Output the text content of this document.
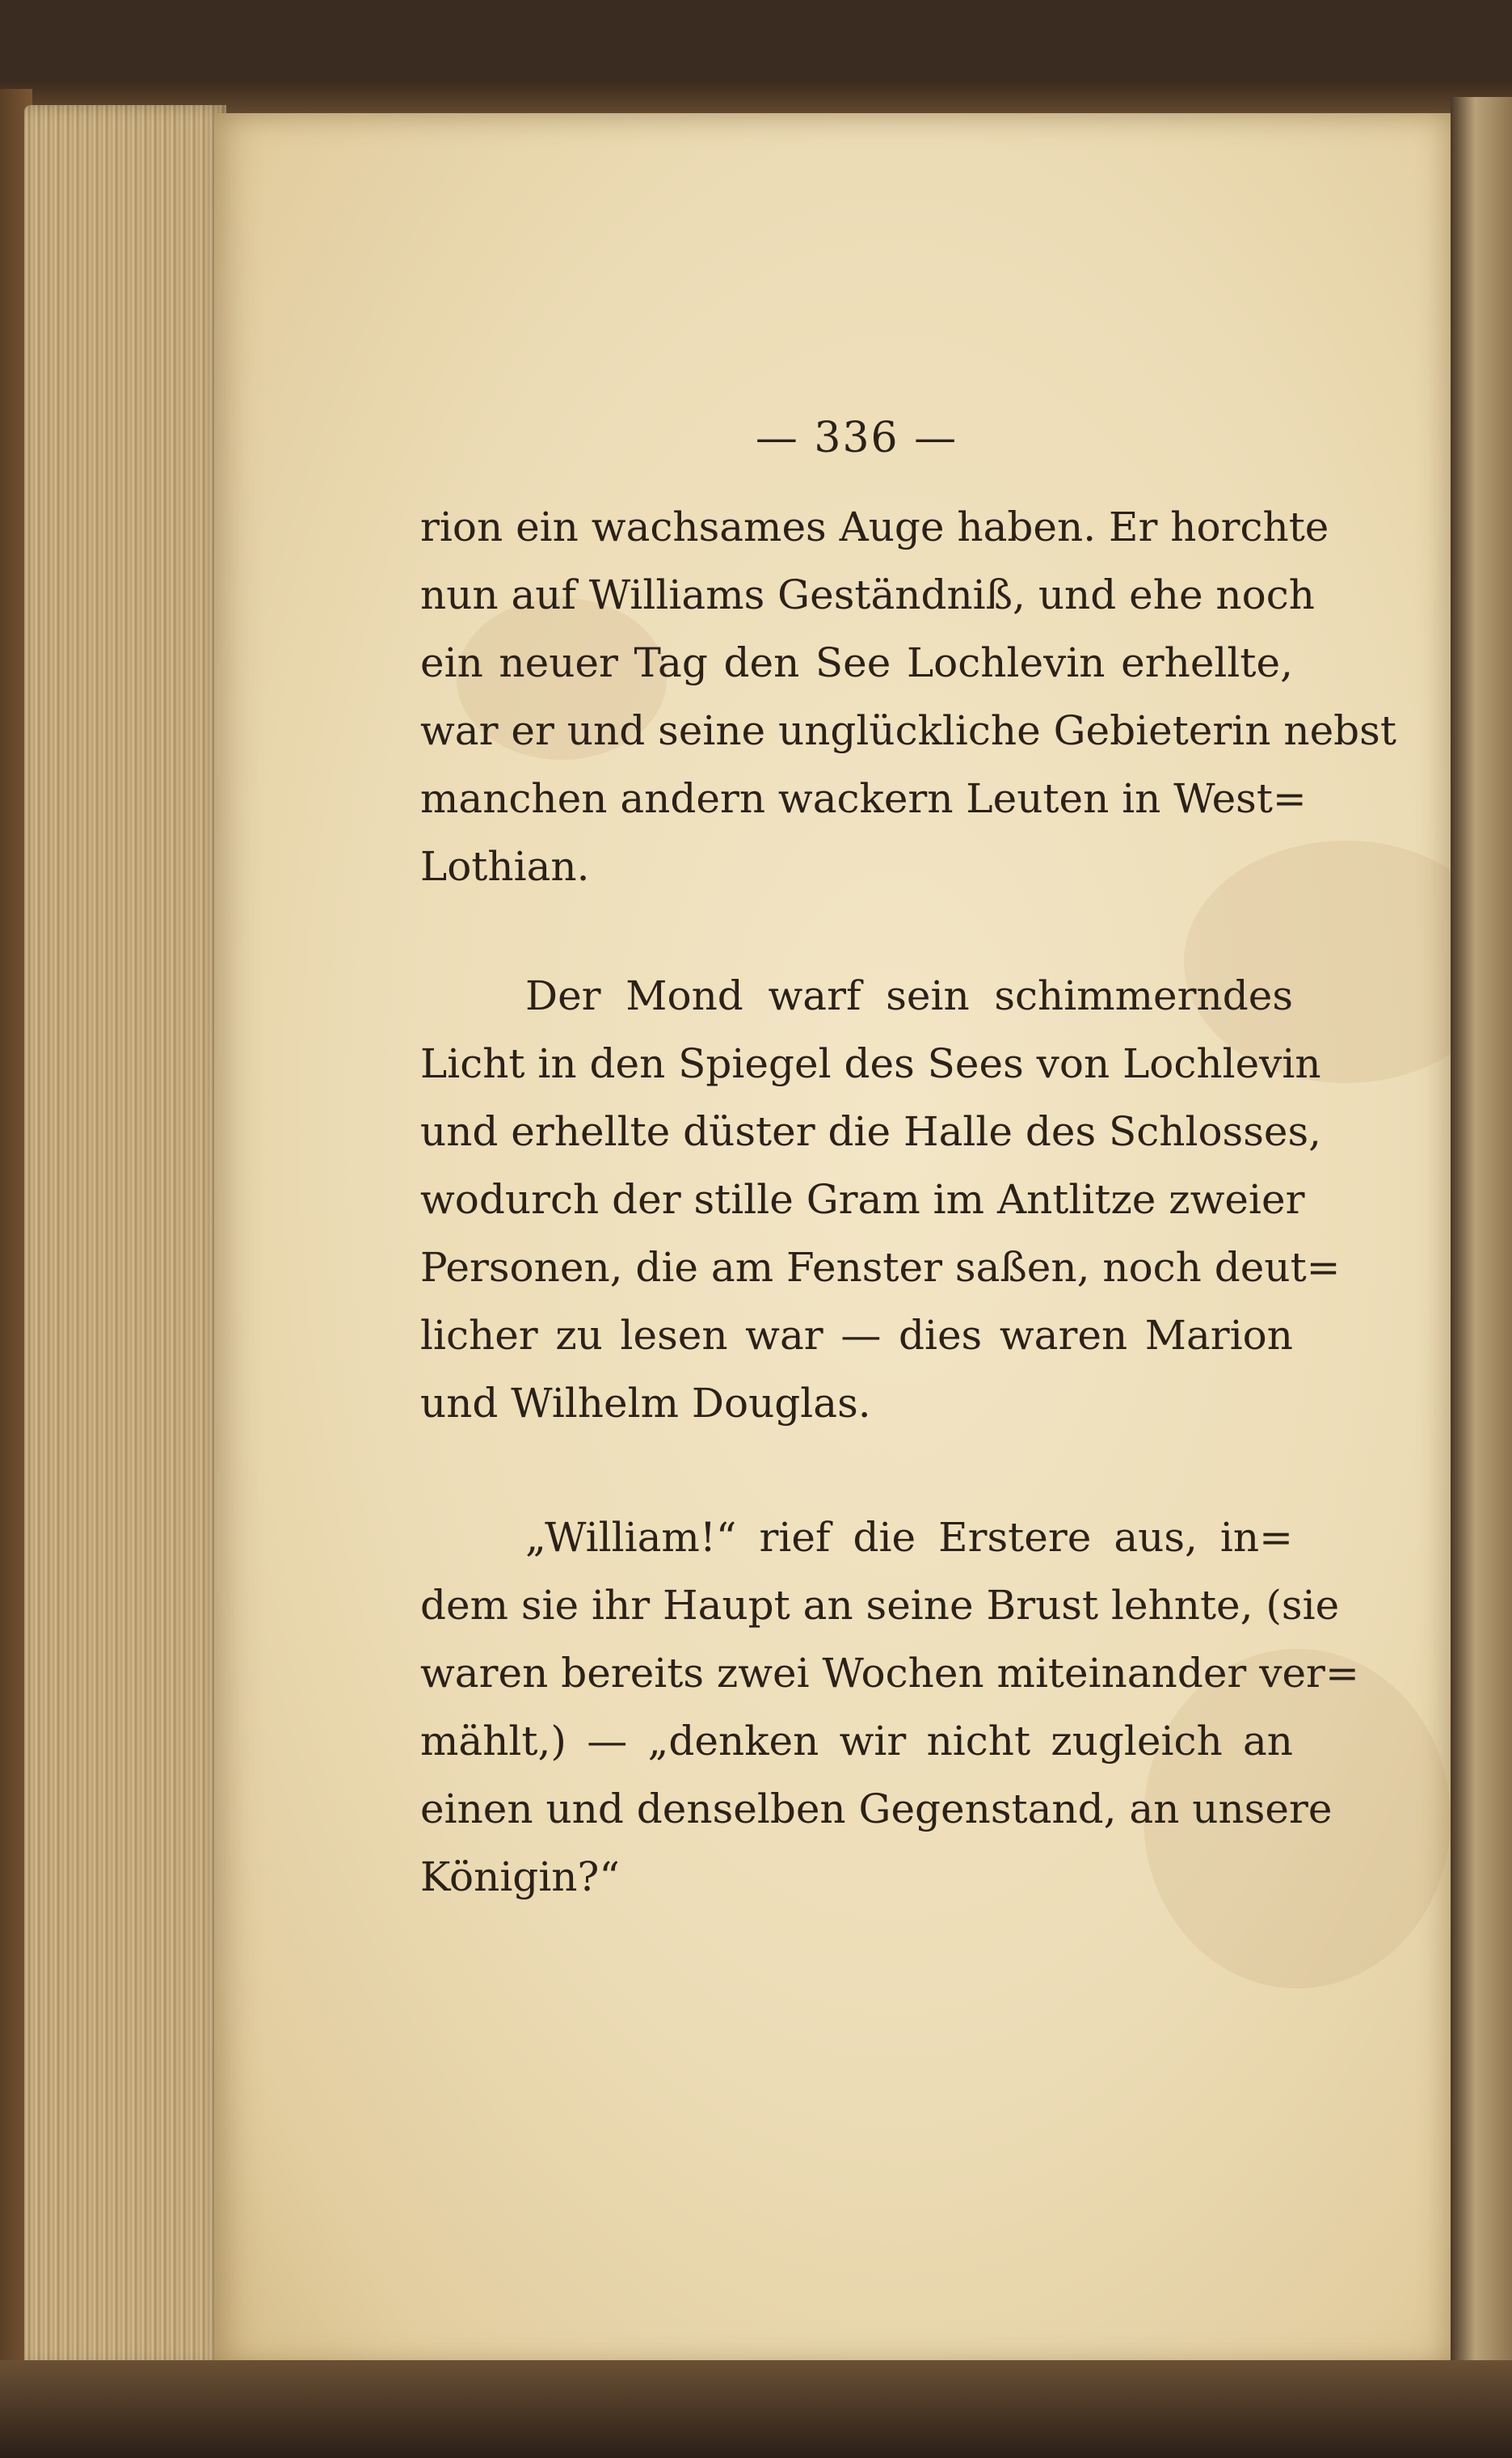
— 336 —
rion ein wachsames Auge haben. Er horchte
nun auf Williams Geständniß, und ehe noch
ein neuer Tag den See Lochlevin erhellte,
war er und seine unglückliche Gebieterin nebst
manchen andern wackern Leuten in West=
Lothian.
Der Mond warf sein schimmerndes
Licht in den Spiegel des Sees von Lochlevin
und erhellte düster die Halle des Schlosses,
wodurch der stille Gram im Antlitze zweier
Personen, die am Fenster saßen, noch deut=
licher zu lesen war — dies waren Marion
und Wilhelm Douglas.
„William!“ rief die Erstere aus, in=
dem sie ihr Haupt an seine Brust lehnte, (sie
waren bereits zwei Wochen miteinander ver=
mählt,) — „denken wir nicht zugleich an
einen und denselben Gegenstand, an unsere
Königin?“
